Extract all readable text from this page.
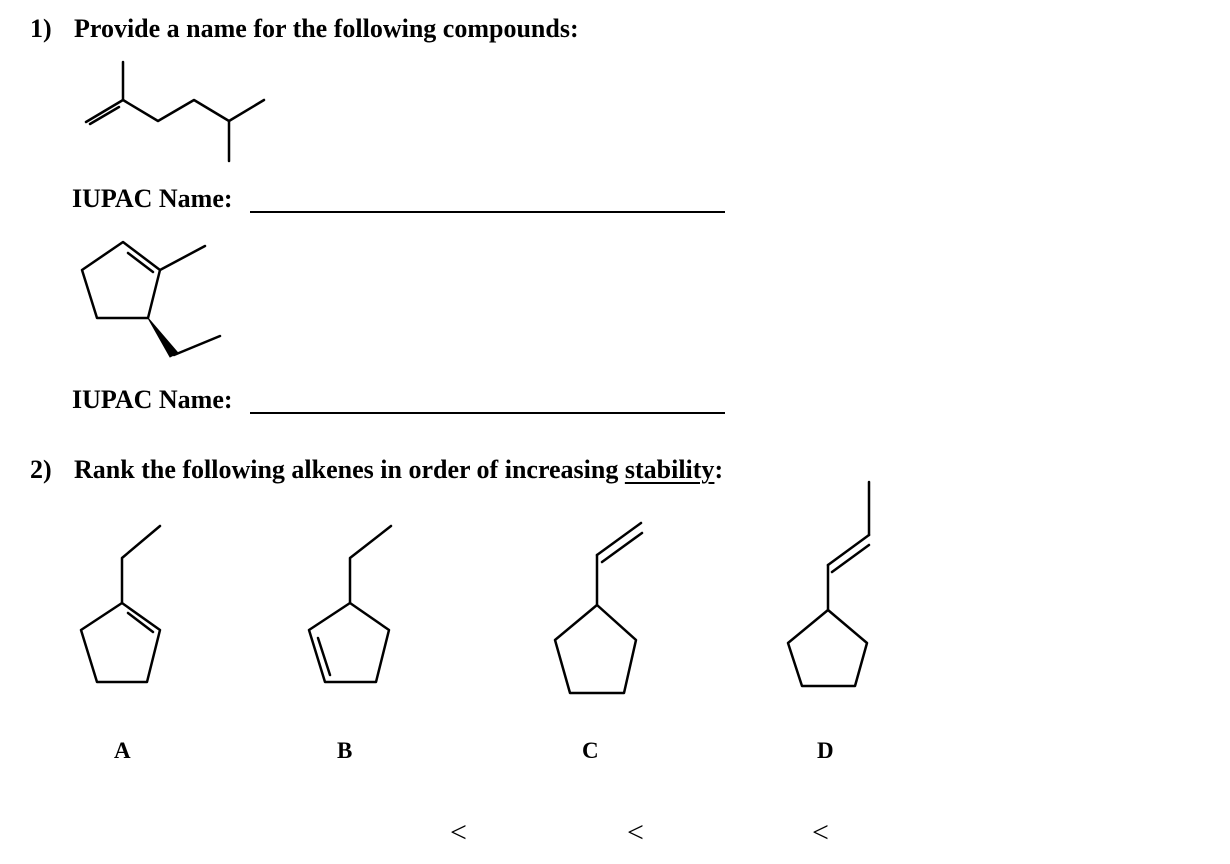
1) Provide a name for the following compounds:
IUPAC Name:
IUPAC Name:
2) Rank the following alkenes in order of increasing stability:
A	B	C	D
<	<	<
